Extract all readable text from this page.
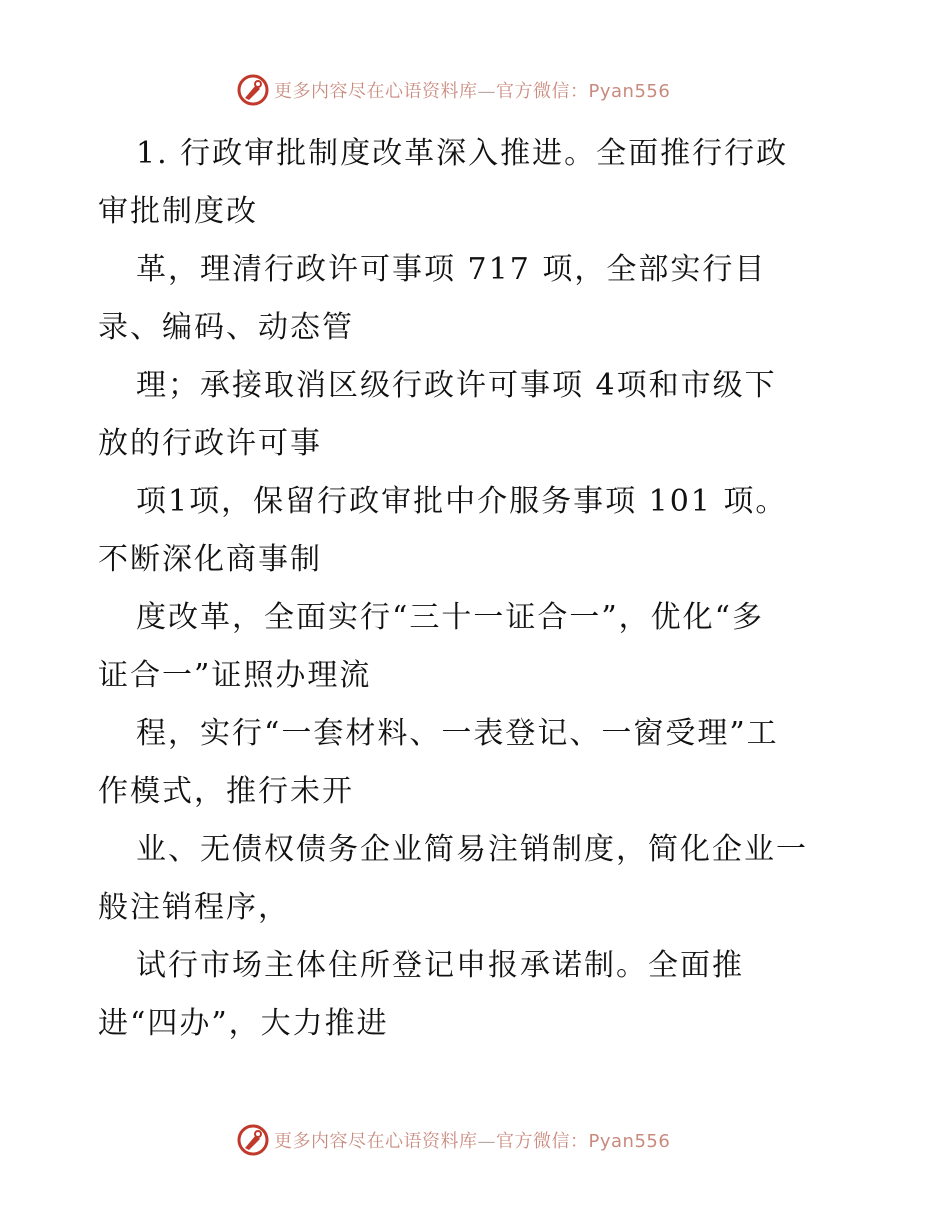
更多内容尽在心语资料库—官方微信：Pyan556

1. 行政审批制度改革深入推进。全面推行行政
审批制度改

革，理清行政许可事项 717 项，全部实行目
录、编码、动态管

理；承接取消区级行政许可事项 4项和市级下
放的行政许可事

项1项，保留行政审批中介服务事项 101 项。
不断深化商事制

度改革，全面实行“三十一证合一”，优化“多
证合一”证照办理流

程，实行“一套材料、一表登记、一窗受理”工
作模式，推行未开

业、无债权债务企业简易注销制度，简化企业一
般注销程序，

试行市场主体住所登记申报承诺制。全面推
进“四办”，大力推进

更多内容尽在心语资料库—官方微信：Pyan556
